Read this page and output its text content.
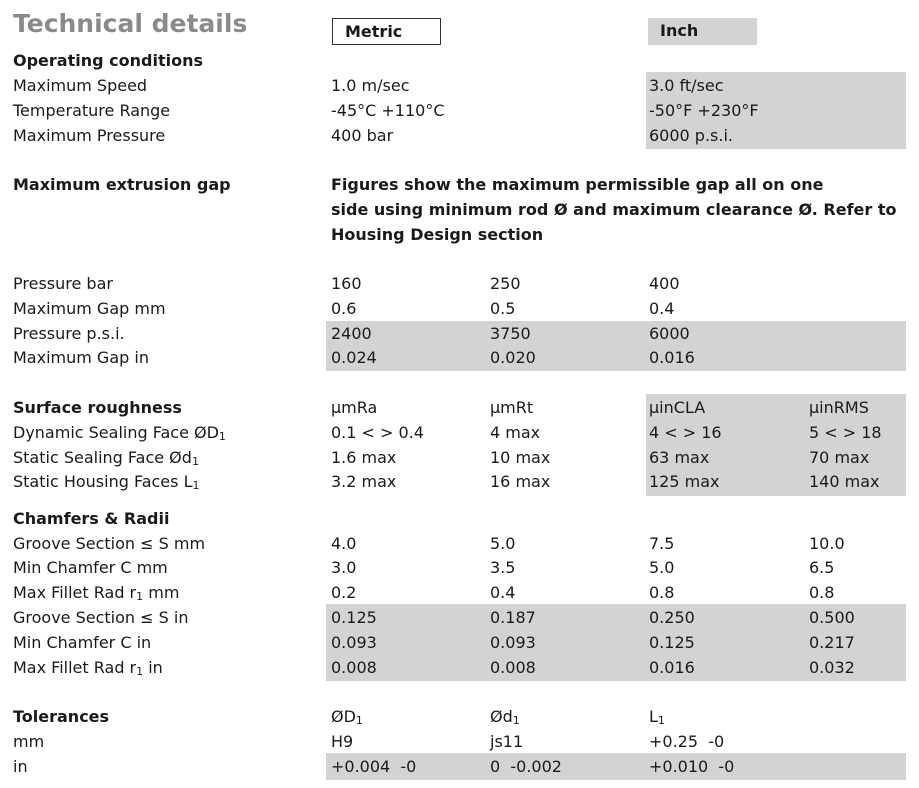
Technical details	Metric	Inch
Operating conditions
Maximum Speed	1.0 m/sec	3.0 ft/sec
Temperature Range	-45°C +110°C	-50°F +230°F
Maximum Pressure	400 bar	6000 p.s.i.
Maximum extrusion gap	Figures show the maximum permissible gap all on one
side using minimum rod Ø and maximum clearance Ø. Refer to
Housing Design section
Pressure bar	160	250	400
Maximum Gap mm	0.6	0.5	0.4
Pressure p.s.i.	2400	3750	6000
Maximum Gap in	0.024	0.020	0.016
Surface roughness	µmRa	µmRt	µinCLA	µinRMS
Dynamic Sealing Face $ØD_1$	0.1 < > 0.4	4 max	4 < > 16	5 < > 18
Static Sealing Face $Ød_1$	1.6 max	10 max	63 max	70 max
Static Housing Faces $L_1$	3.2 max	16 max	125 max	140 max
Chamfers & Radii
Groove Section ≤ S mm	4.0	5.0	7.5	10.0
Min Chamfer C mm	3.0	3.5	5.0	6.5
Max Fillet Rad $r_1$ mm	0.2	0.4	0.8	0.8
Groove Section ≤ S in	0.125	0.187	0.250	0.500
Min Chamfer C in	0.093	0.093	0.125	0.217
Max Fillet Rad $r_1$ in	0.008	0.008	0.016	0.032
Tolerances	$ØD_1$	$Ød_1$	$L_1$
mm	H9	js11	+0.25  -0
in	+0.004  -0	0  -0.002	+0.010  -0
